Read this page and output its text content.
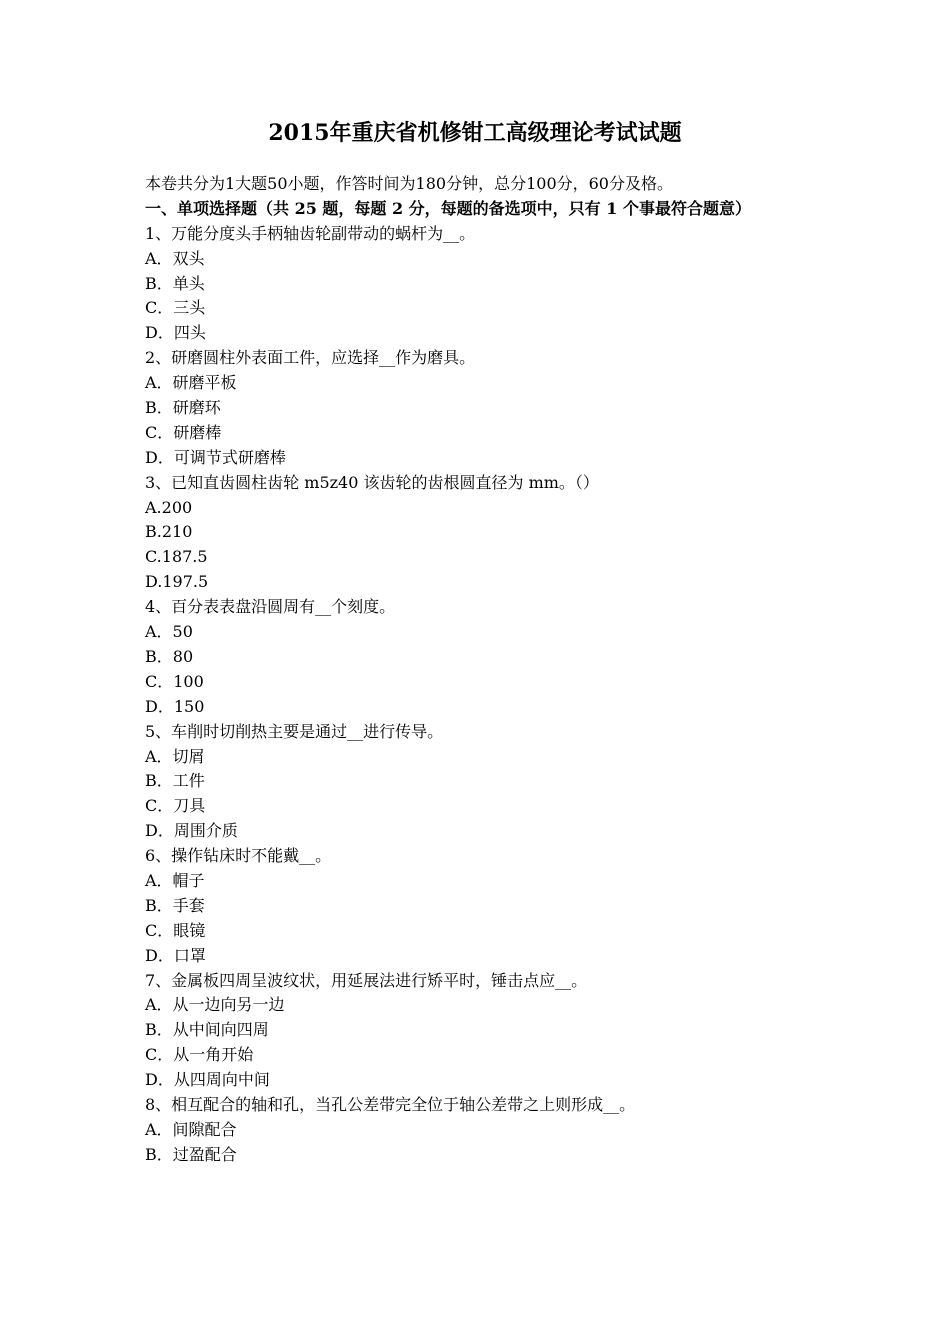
2015年重庆省机修钳工高级理论考试试题
本卷共分为1大题50小题，作答时间为180分钟，总分100分，60分及格。
一、单项选择题（共 25 题，每题 2 分，每题的备选项中，只有 1 个事最符合题意）
1、万能分度头手柄轴齿轮副带动的蜗杆为__。
A．双头
B．单头
C．三头
D．四头
2、研磨圆柱外表面工件，应选择__作为磨具。
A．研磨平板
B．研磨环
C．研磨棒
D．可调节式研磨棒
3、已知直齿圆柱齿轮 m5z40 该齿轮的齿根圆直径为 mm。（）
A.200
B.210
C.187.5
D.197.5
4、百分表表盘沿圆周有__个刻度。
A．50
B．80
C．100
D．150
5、车削时切削热主要是通过__进行传导。
A．切屑
B．工件
C．刀具
D．周围介质
6、操作钻床时不能戴__。
A．帽子
B．手套
C．眼镜
D．口罩
7、金属板四周呈波纹状，用延展法进行矫平时，锤击点应__。
A．从一边向另一边
B．从中间向四周
C．从一角开始
D．从四周向中间
8、相互配合的轴和孔，当孔公差带完全位于轴公差带之上则形成__。
A．间隙配合
B．过盈配合
